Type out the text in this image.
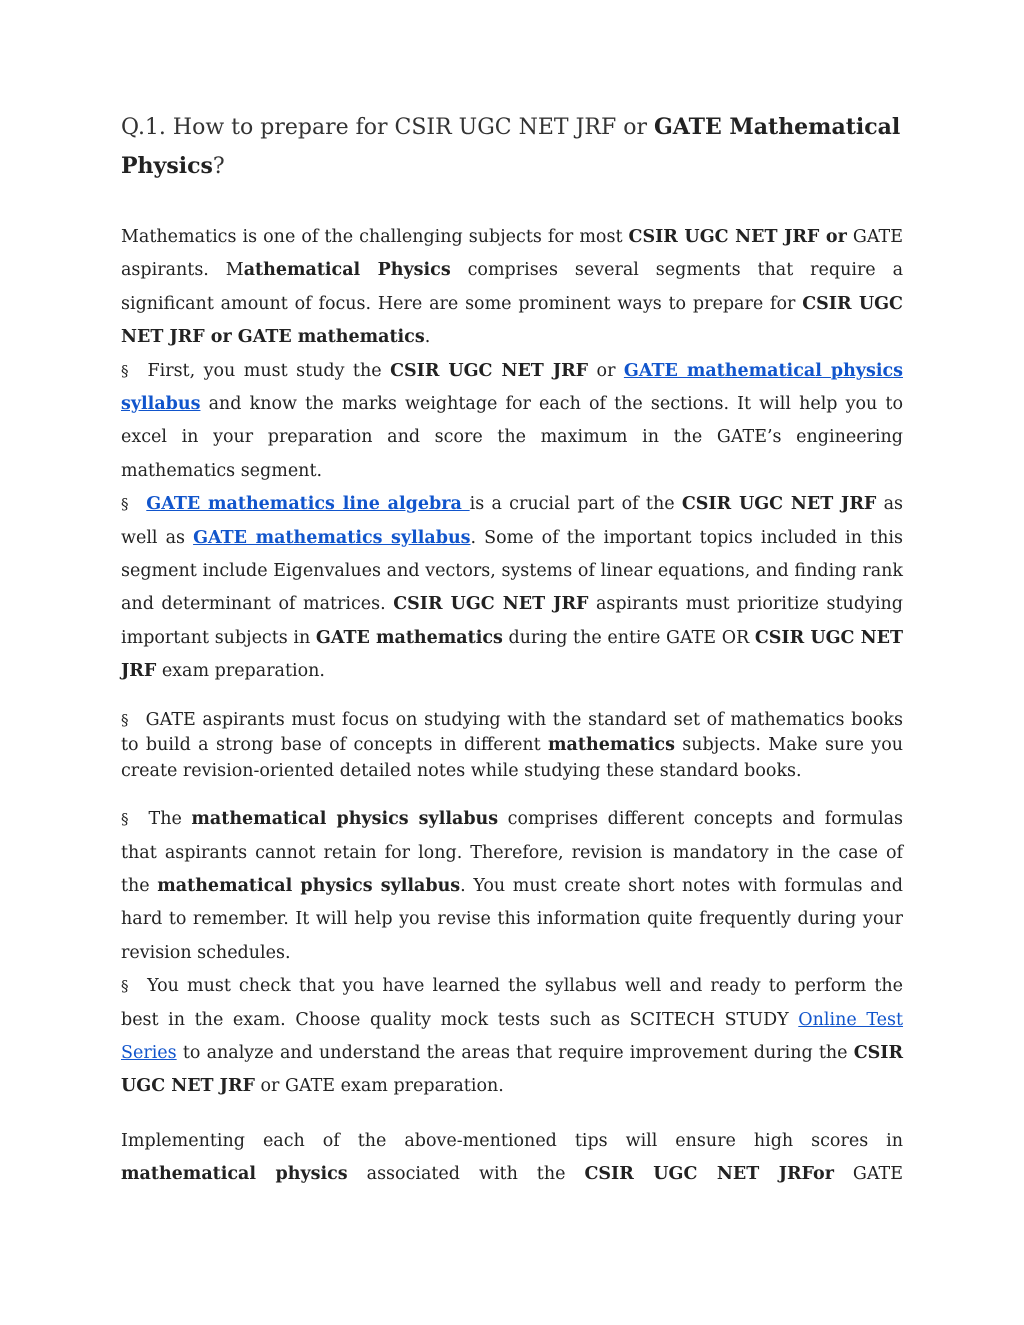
Q.1. How to prepare for CSIR UGC NET JRF or GATE Mathematical Physics?

Mathematics is one of the challenging subjects for most CSIR UGC NET JRF or GATE aspirants. Mathematical Physics comprises several segments that require a significant amount of focus. Here are some prominent ways to prepare for CSIR UGC NET JRF or GATE mathematics.

§ First, you must study the CSIR UGC NET JRF or GATE mathematical physics syllabus and know the marks weightage for each of the sections. It will help you to excel in your preparation and score the maximum in the GATE’s engineering mathematics segment.

§ GATE mathematics line algebra is a crucial part of the CSIR UGC NET JRF as well as GATE mathematics syllabus. Some of the important topics included in this segment include Eigenvalues and vectors, systems of linear equations, and finding rank and determinant of matrices. CSIR UGC NET JRF aspirants must prioritize studying important subjects in GATE mathematics during the entire GATE OR CSIR UGC NET JRF exam preparation.

§ GATE aspirants must focus on studying with the standard set of mathematics books to build a strong base of concepts in different mathematics subjects. Make sure you create revision-oriented detailed notes while studying these standard books.

§ The mathematical physics syllabus comprises different concepts and formulas that aspirants cannot retain for long. Therefore, revision is mandatory in the case of the mathematical physics syllabus. You must create short notes with formulas and hard to remember. It will help you revise this information quite frequently during your revision schedules.

§ You must check that you have learned the syllabus well and ready to perform the best in the exam. Choose quality mock tests such as SCITECH STUDY Online Test Series to analyze and understand the areas that require improvement during the CSIR UGC NET JRF or GATE exam preparation.

Implementing each of the above-mentioned tips will ensure high scores in mathematical physics associated with the CSIR UGC NET JRFor GATE
